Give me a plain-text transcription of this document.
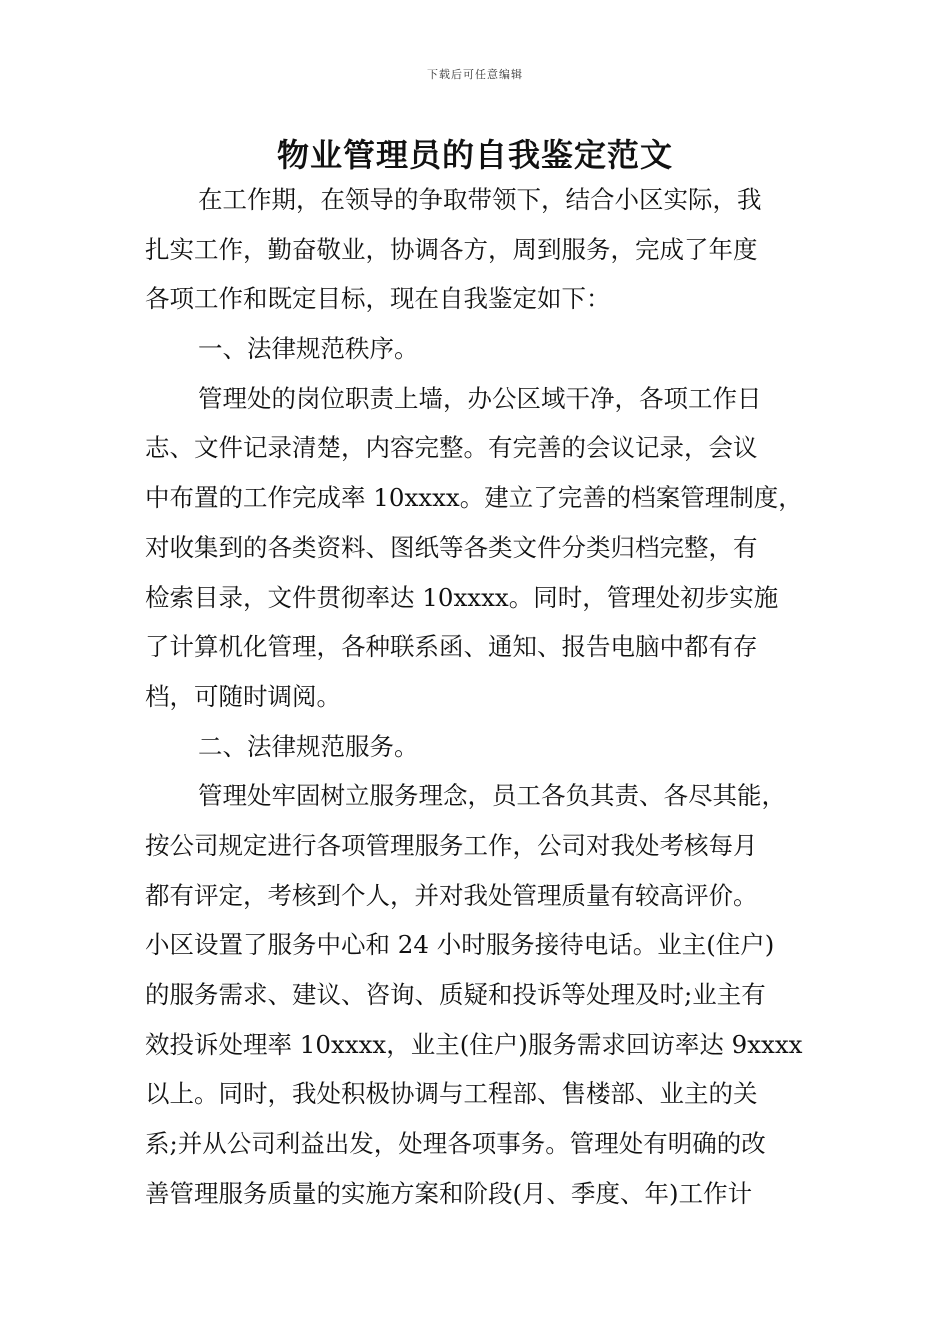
下载后可任意编辑
物业管理员的自我鉴定范文
在工作期，在领导的争取带领下，结合小区实际，我
扎实工作，勤奋敬业，协调各方，周到服务，完成了年度
各项工作和既定目标，现在自我鉴定如下：
一、法律规范秩序。
管理处的岗位职责上墙，办公区域干净，各项工作日
志、文件记录清楚，内容完整。有完善的会议记录，会议
中布置的工作完成率 10xxxx。建立了完善的档案管理制度，
对收集到的各类资料、图纸等各类文件分类归档完整，有
检索目录，文件贯彻率达 10xxxx。同时，管理处初步实施
了计算机化管理，各种联系函、通知、报告电脑中都有存
档，可随时调阅。
二、法律规范服务。
管理处牢固树立服务理念，员工各负其责、各尽其能，
按公司规定进行各项管理服务工作，公司对我处考核每月
都有评定，考核到个人，并对我处管理质量有较高评价。
小区设置了服务中心和 24 小时服务接待电话。业主(住户)
的服务需求、建议、咨询、质疑和投诉等处理及时;业主有
效投诉处理率 10xxxx，业主(住户)服务需求回访率达 9xxxx
以上。同时，我处积极协调与工程部、售楼部、业主的关
系;并从公司利益出发，处理各项事务。管理处有明确的改
善管理服务质量的实施方案和阶段(月、季度、年)工作计
